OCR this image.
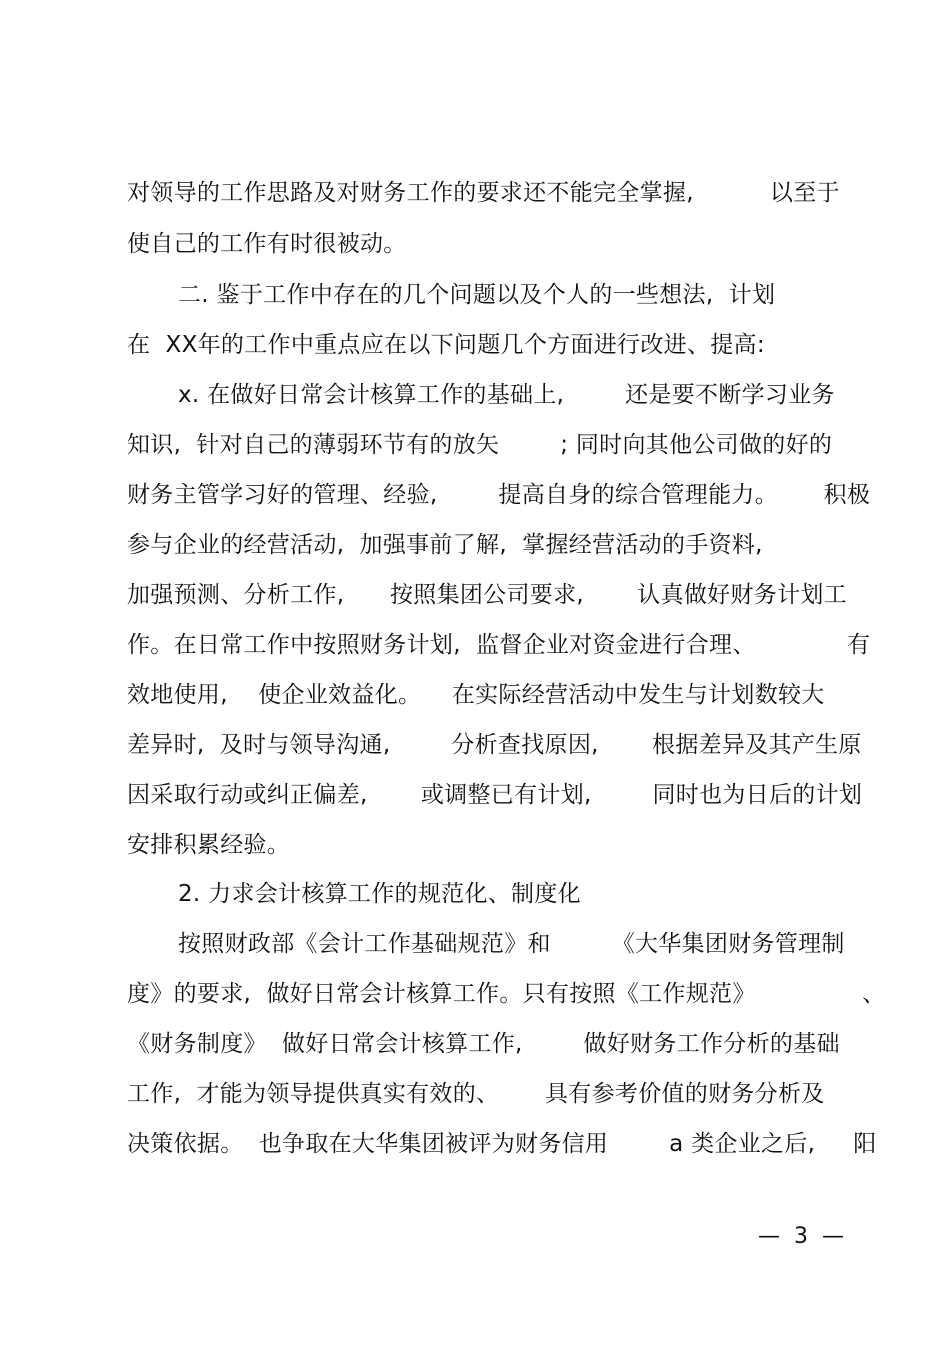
对领导的工作思路及对财务工作的要求还不能完全掌握,          以至于
使自己的工作有时很被动。
二. 鉴于工作中存在的几个问题以及个人的一些想法,  计划
在  XX年的工作中重点应在以下问题几个方面进行改进、提高:
x. 在做好日常会计核算工作的基础上,        还是要不断学习业务
知识,  针对自己的薄弱环节有的放矢        ; 同时向其他公司做的好的
财务主管学习好的管理、经验,        提高自身的综合管理能力。      积极
参与企业的经营活动,  加强事前了解,  掌握经营活动的手资料,
加强预测、分析工作,      按照集团公司要求,       认真做好财务计划工
作。在日常工作中按照财务计划,  监督企业对资金进行合理、            有
效地使用,    使企业效益化。    在实际经营活动中发生与计划数较大
差异时,  及时与领导沟通,        分析查找原因,       根据差异及其产生原
因采取行动或纠正偏差,       或调整已有计划,        同时也为日后的计划
安排积累经验。
2. 力求会计核算工作的规范化、制度化
按照财政部《会计工作基础规范》和        《大华集团财务管理制
度》的要求,  做好日常会计核算工作。只有按照《工作规范》              、
《财务制度》  做好日常会计核算工作,        做好财务工作分析的基础
工作,  才能为领导提供真实有效的、      具有参考价值的财务分析及
决策依据。  也争取在大华集团被评为财务信用        a 类企业之后,     阳
—  3  —
